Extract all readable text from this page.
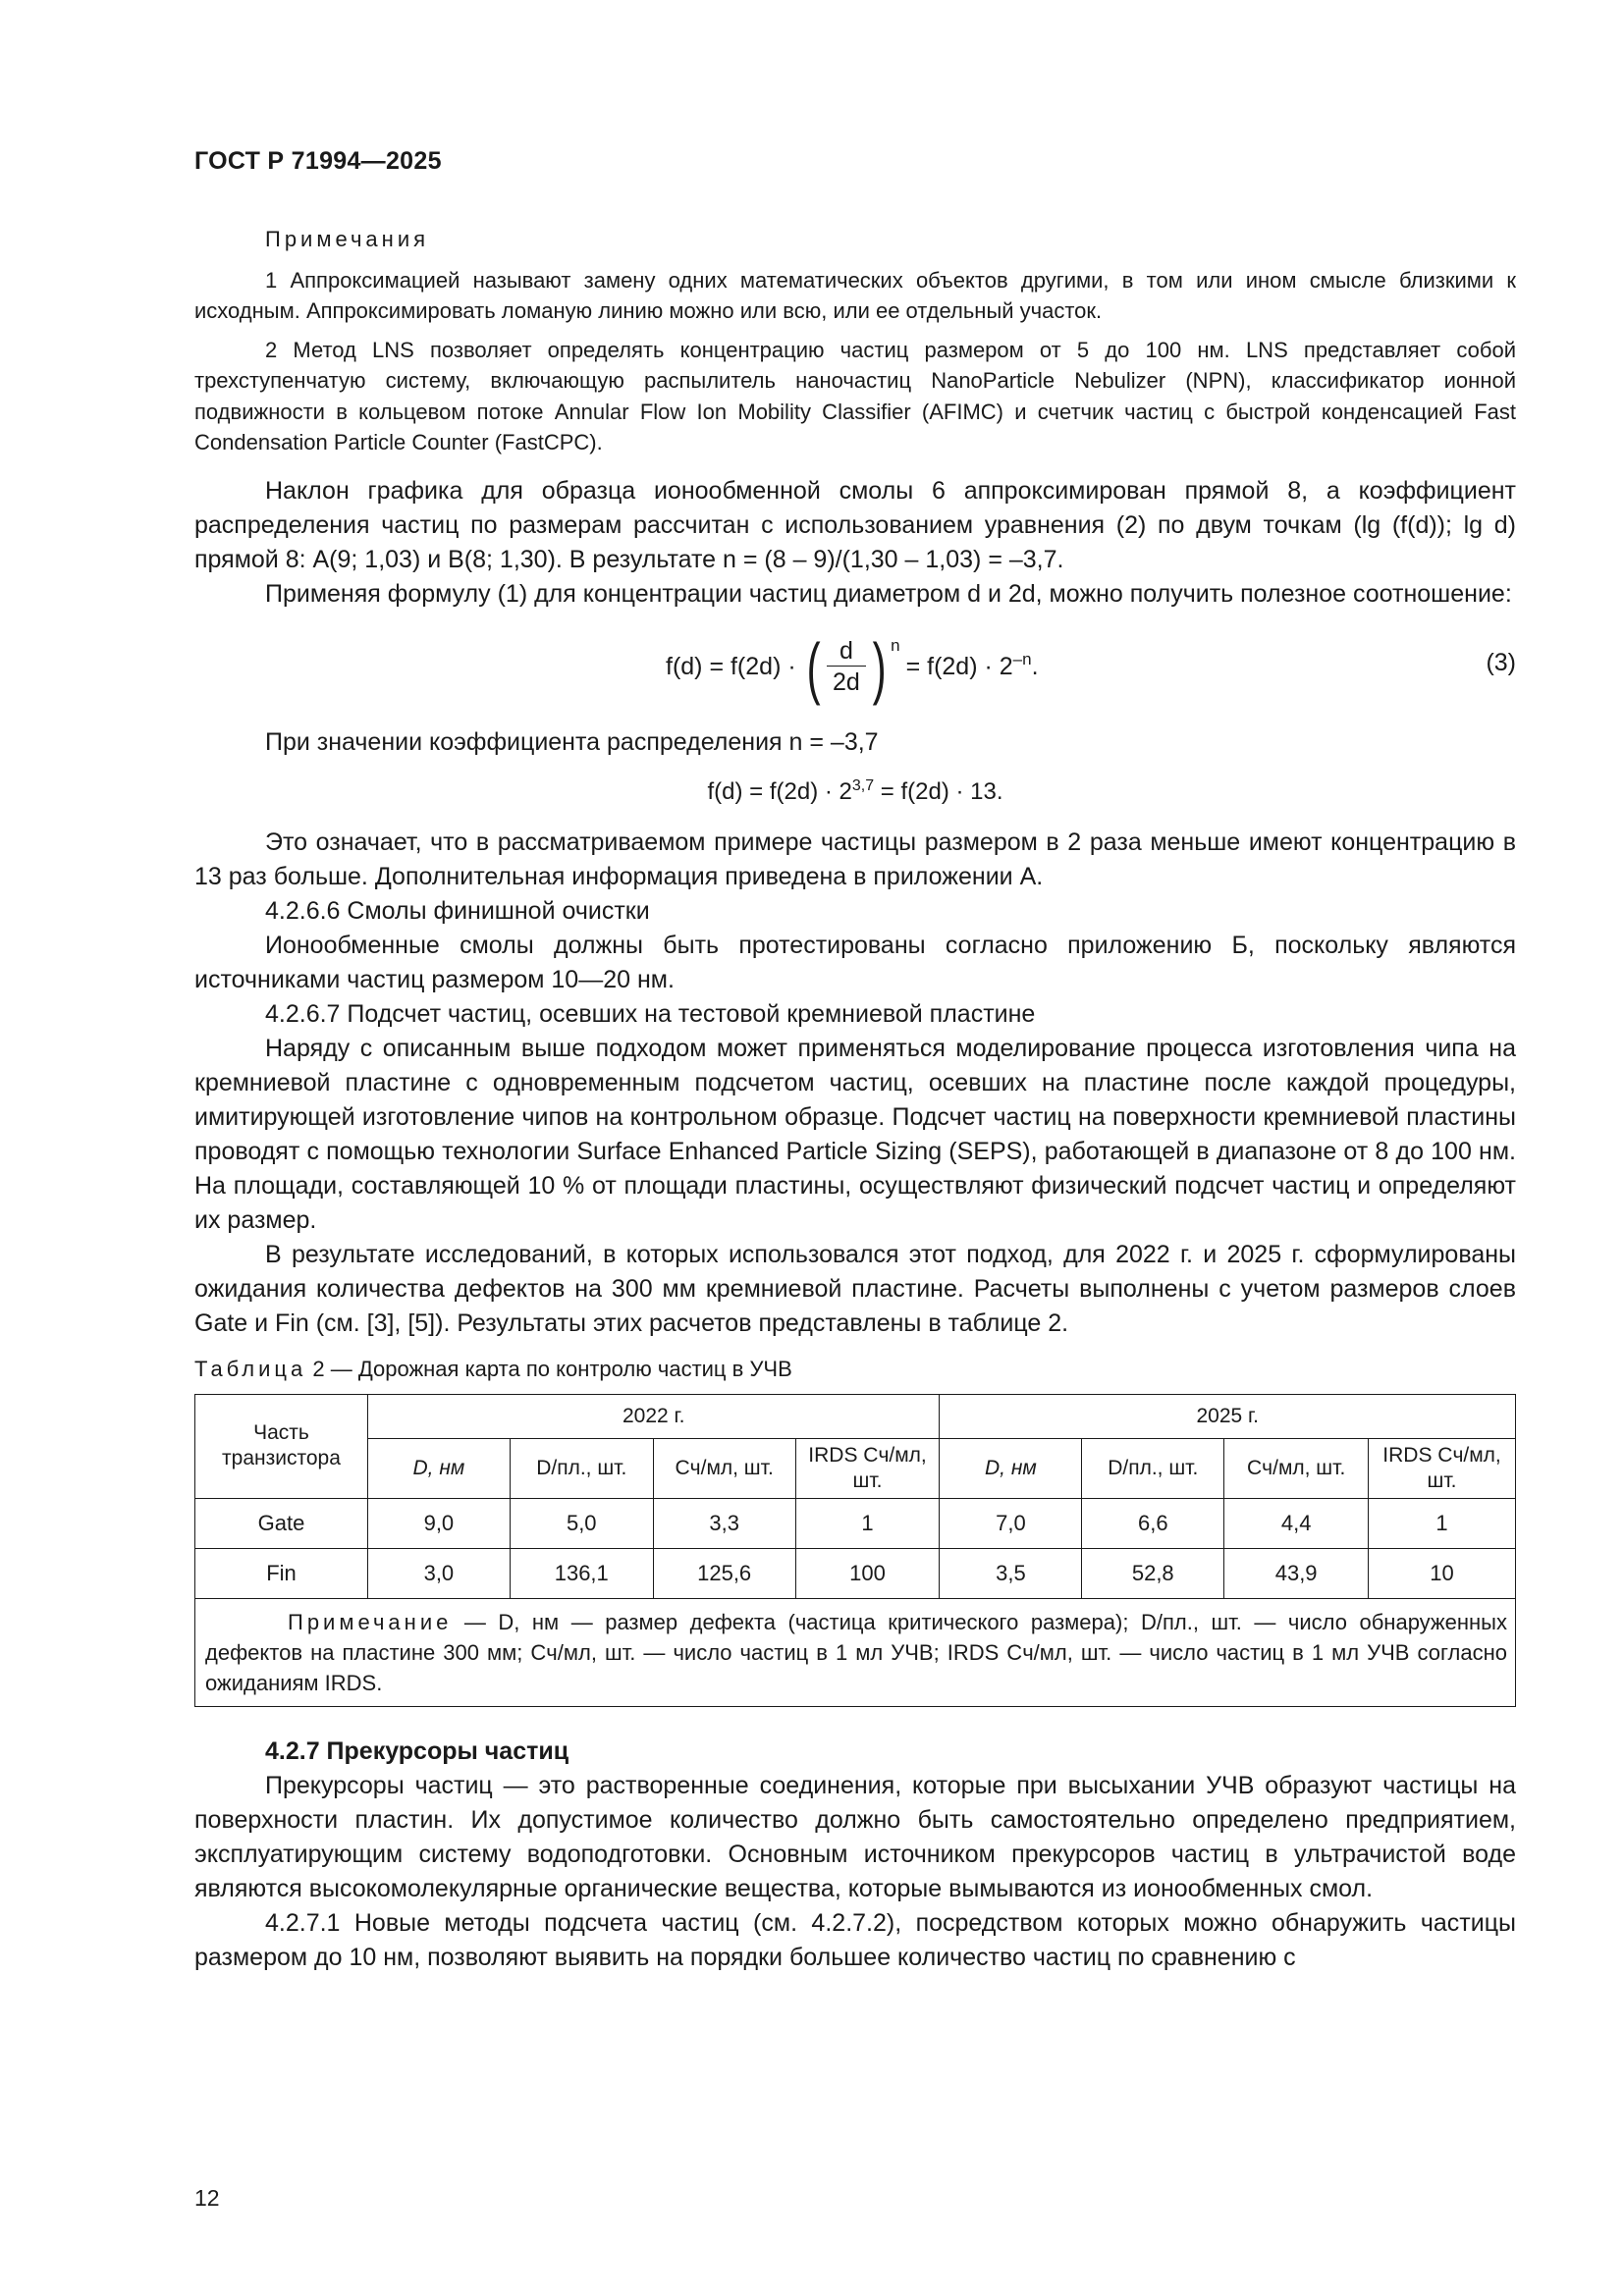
ГОСТ Р 71994—2025
Примечания

1 Аппроксимацией называют замену одних математических объектов другими, в том или ином смысле близкими к исходным. Аппроксимировать ломаную линию можно или всю, или ее отдельный участок.

2 Метод LNS позволяет определять концентрацию частиц размером от 5 до 100 нм. LNS представляет собой трехступенчатую систему, включающую распылитель наночастиц NanoParticle Nebulizer (NPN), классификатор ионной подвижности в кольцевом потоке Annular Flow Ion Mobility Classifier (AFIMC) и счетчик частиц с быстрой конденсацией Fast Condensation Particle Counter (FastCPC).

Наклон графика для образца ионообменной смолы 6 аппроксимирован прямой 8, а коэффициент распределения частиц по размерам рассчитан с использованием уравнения (2) по двум точкам (lg (f(d)); lg d) прямой 8: A(9; 1,03) и B(8; 1,30). В результате n = (8 – 9)/(1,30 – 1,03) = –3,7.

Применяя формулу (1) для концентрации частиц диаметром d и 2d, можно получить полезное соотношение:

f(d) = f(2d) · ( $\frac{d}{2d}$ ) $^n$
= $f(2d) \cdot 2^{-n}$ .	(3)

При значении коэффициента распределения n = –3,7

$f(d) = f(2d) \cdot 2^{3,7} = f(2d) \cdot 13$.

Это означает, что в рассматриваемом примере частицы размером в 2 раза меньше имеют концентрацию в 13 раз больше. Дополнительная информация приведена в приложении А.

4.2.6.6 Смолы финишной очистки

Ионообменные смолы должны быть протестированы согласно приложению Б, поскольку являются источниками частиц размером 10—20 нм.

4.2.6.7 Подсчет частиц, осевших на тестовой кремниевой пластине

Наряду с описанным выше подходом может применяться моделирование процесса изготовления чипа на кремниевой пластине с одновременным подсчетом частиц, осевших на пластине после каждой процедуры, имитирующей изготовление чипов на контрольном образце. Подсчет частиц на поверхности кремниевой пластины проводят с помощью технологии Surface Enhanced Particle Sizing (SEPS), работающей в диапазоне от 8 до 100 нм. На площади, составляющей 10 % от площади пластины, осуществляют физический подсчет частиц и определяют их размер.

В результате исследований, в которых использовался этот подход, для 2022 г. и 2025 г. сформулированы ожидания количества дефектов на 300 мм кремниевой пластине. Расчеты выполнены с учетом размеров слоев Gate и Fin (см. [3], [5]). Результаты этих расчетов представлены в таблице 2.

Таблица 2 — Дорожная карта по контролю частиц в УЧВ
Часть транзистора	2022 г.				2025 г.			
	D, нм	D/пл., шт.	Cч/мл, шт.	IRDS Cч/мл, шт.	D, нм	D/пл., шт.	Cч/мл, шт.	IRDS Cч/мл, шт.
Gate	9,0	5,0	3,3	1	7,0	6,6	4,4	1
Fin	3,0	136,1	125,6	100	3,5	52,8	43,9	10
Примечание — D, нм — размер дефекта (частица критического размера); D/пл., шт. — число обнаруженных дефектов на пластине 300 мм; Cч/мл, шт. — число частиц в 1 мл УЧВ; IRDS Cч/мл, шт. — число частиц в 1 мл УЧВ согласно ожиданиям IRDS.								

4.2.7 Прекурсоры частиц

Прекурсоры частиц — это растворенные соединения, которые при высыхании УЧВ образуют частицы на поверхности пластин. Их допустимое количество должно быть самостоятельно определено предприятием, эксплуатирующим систему водоподготовки. Основным источником прекурсоров частиц в ультрачистой воде являются высокомолекулярные органические вещества, которые вымываются из ионообменных смол.

4.2.7.1 Новые методы подсчета частиц (см. 4.2.7.2), посредством которых можно обнаружить частицы размером до 10 нм, позволяют выявить на порядки большее количество частиц по сравнению с

12
